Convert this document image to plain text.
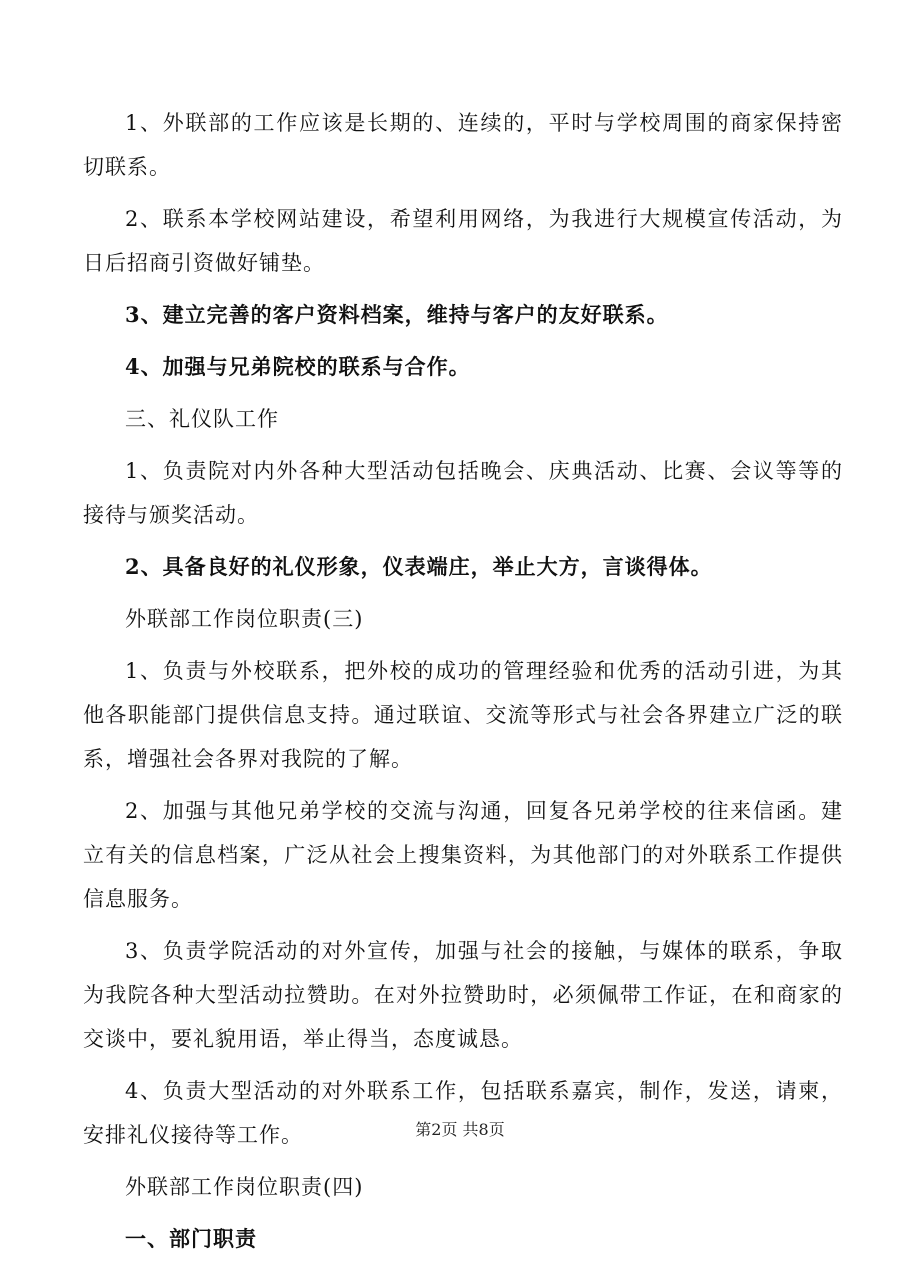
1、外联部的工作应该是长期的、连续的，平时与学校周围的商家保持密切联系。

2、联系本学校网站建设，希望利用网络，为我进行大规模宣传活动，为日后招商引资做好铺垫。

3、建立完善的客户资料档案，维持与客户的友好联系。

4、加强与兄弟院校的联系与合作。

三、礼仪队工作

1、负责院对内外各种大型活动包括晚会、庆典活动、比赛、会议等等的接待与颁奖活动。

2、具备良好的礼仪形象，仪表端庄，举止大方，言谈得体。

外联部工作岗位职责(三)

1、负责与外校联系，把外校的成功的管理经验和优秀的活动引进，为其他各职能部门提供信息支持。通过联谊、交流等形式与社会各界建立广泛的联系，增强社会各界对我院的了解。

2、加强与其他兄弟学校的交流与沟通，回复各兄弟学校的往来信函。建立有关的信息档案，广泛从社会上搜集资料，为其他部门的对外联系工作提供信息服务。

3、负责学院活动的对外宣传，加强与社会的接触，与媒体的联系，争取为我院各种大型活动拉赞助。在对外拉赞助时，必须佩带工作证，在和商家的交谈中，要礼貌用语，举止得当，态度诚恳。

4、负责大型活动的对外联系工作，包括联系嘉宾，制作，发送，请柬，安排礼仪接待等工作。

外联部工作岗位职责(四)

一、部门职责

第2页 共8页
